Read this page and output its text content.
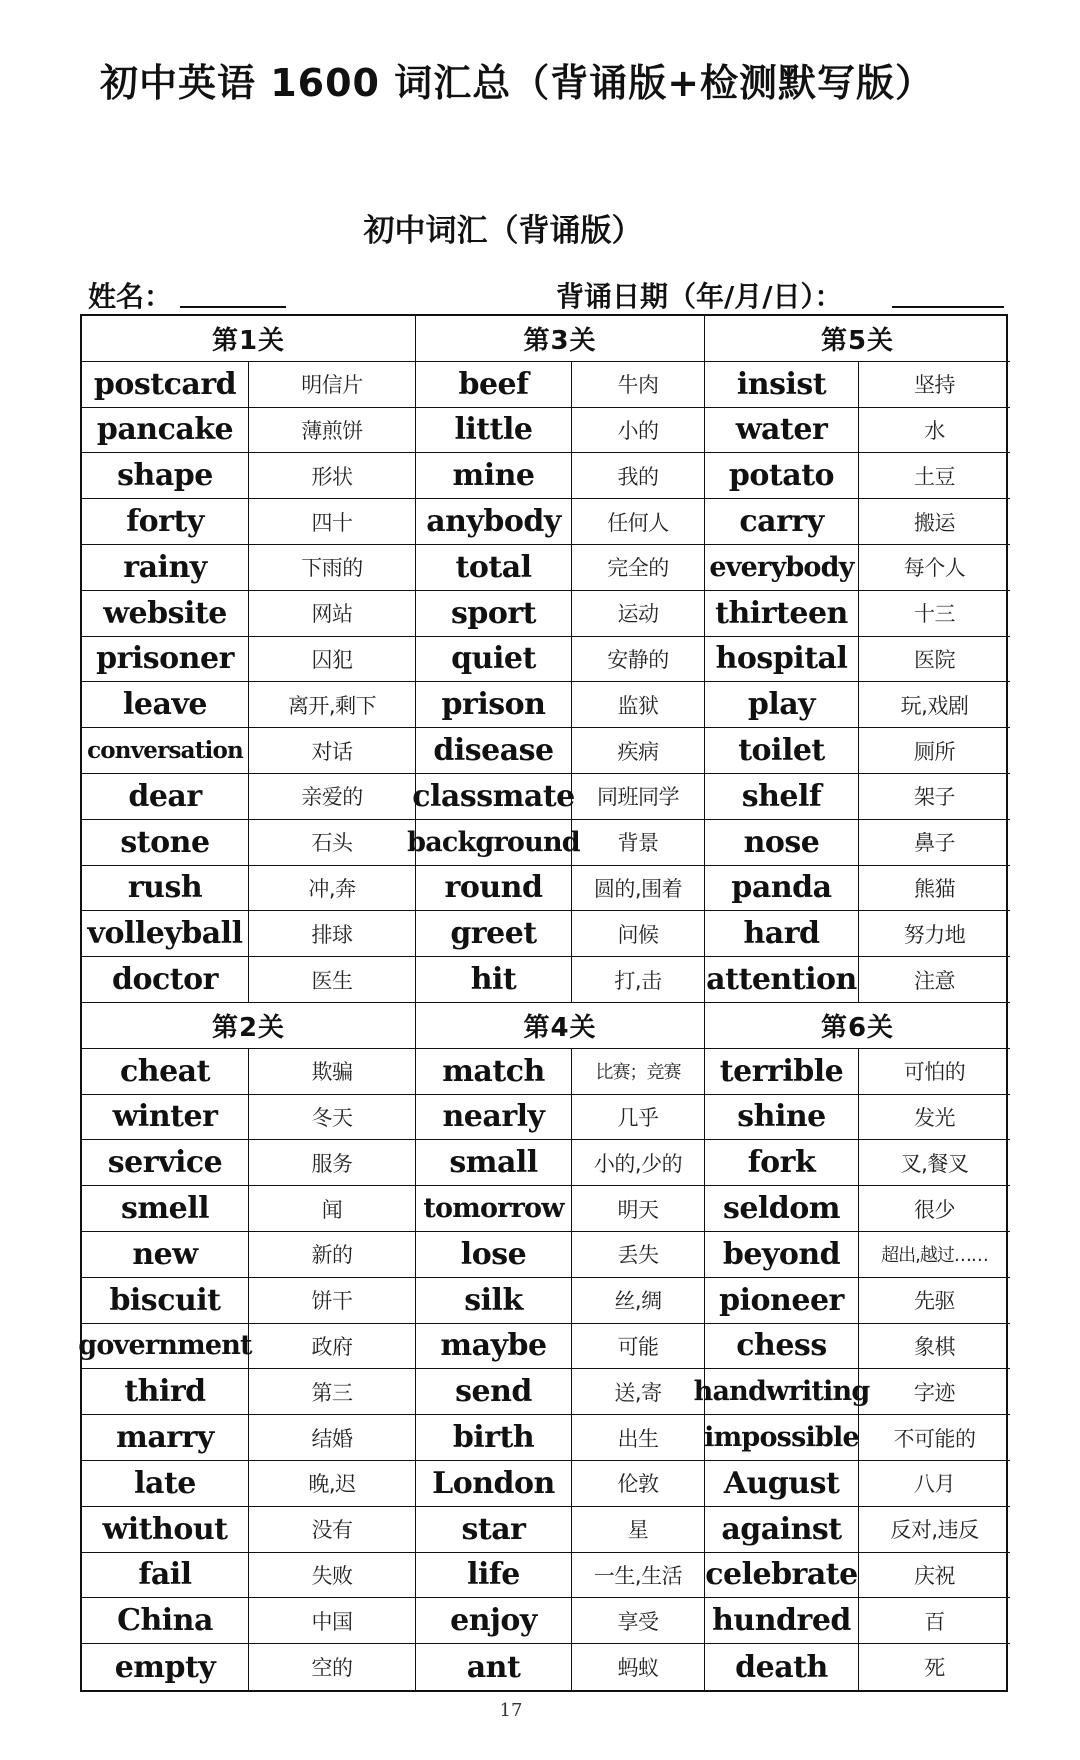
初中英语 1600 词汇总（背诵版+检测默写版）
初中词汇（背诵版）
姓名：	背诵日期（年/月/日）：
第1关	第3关	第5关
postcard	明信片	beef	牛肉	insist	坚持
pancake	薄煎饼	little	小的	water	水
shape	形状	mine	我的	potato	土豆
forty	四十	anybody	任何人	carry	搬运
rainy	下雨的	total	完全的	everybody	每个人
website	网站	sport	运动	thirteen	十三
prisoner	囚犯	quiet	安静的	hospital	医院
leave	离开,剩下	prison	监狱	play	玩,戏剧
conversation	对话	disease	疾病	toilet	厕所
dear	亲爱的	classmate	同班同学	shelf	架子
stone	石头	background	背景	nose	鼻子
rush	冲,奔	round	圆的,围着	panda	熊猫
volleyball	排球	greet	问候	hard	努力地
doctor	医生	hit	打,击	attention	注意
第2关	第4关	第6关
cheat	欺骗	match	比赛；竞赛	terrible	可怕的
winter	冬天	nearly	几乎	shine	发光
service	服务	small	小的,少的	fork	叉,餐叉
smell	闻	tomorrow	明天	seldom	很少
new	新的	lose	丢失	beyond	超出,越过……
biscuit	饼干	silk	丝,绸	pioneer	先驱
government	政府	maybe	可能	chess	象棋
third	第三	send	送,寄	handwriting	字迹
marry	结婚	birth	出生	impossible	不可能的
late	晚,迟	London	伦敦	August	八月
without	没有	star	星	against	反对,违反
fail	失败	life	一生,生活 celebrate	庆祝
China	中国	enjoy	享受	hundred	百
empty	空的	ant	蚂蚁	death	死
17
